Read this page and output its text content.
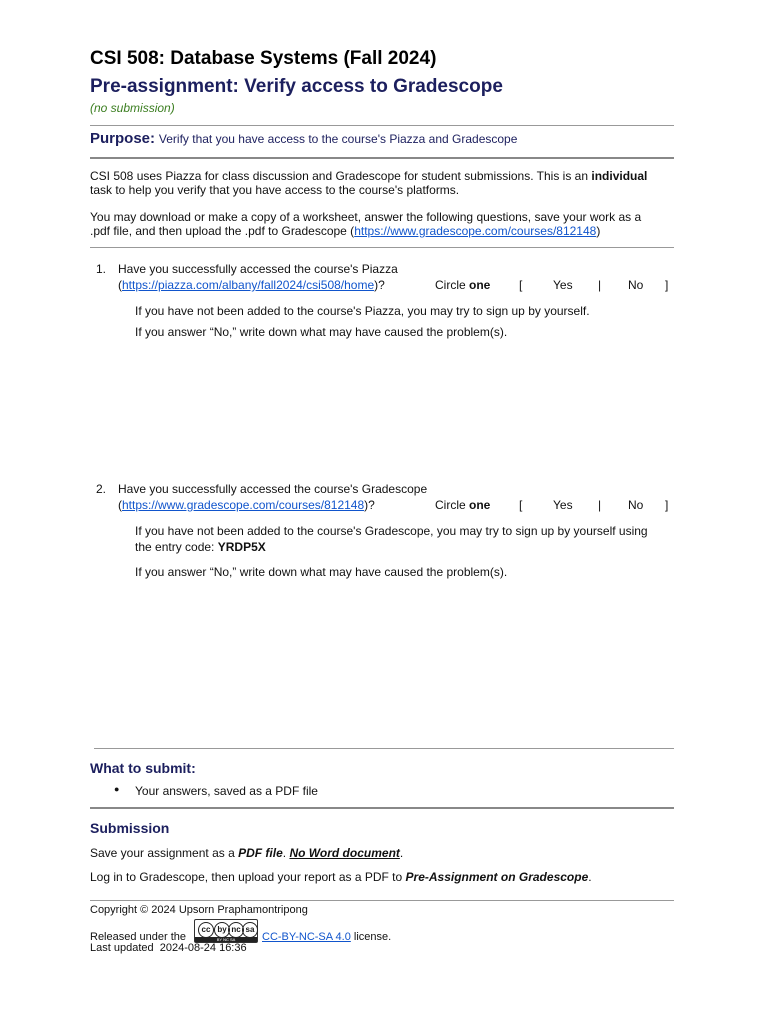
CSI 508: Database Systems (Fall 2024)
Pre-assignment: Verify access to Gradescope
(no submission)
Purpose: Verify that you have access to the course's Piazza and Gradescope
CSI 508 uses Piazza for class discussion and Gradescope for student submissions. This is an individual
task to help you verify that you have access to the course's platforms.
You may download or make a copy of a worksheet, answer the following questions, save your work as a
.pdf file, and then upload the .pdf to Gradescope (https://www.gradescope.com/courses/812148)
1. Have you successfully accessed the course's Piazza
(https://piazza.com/albany/fall2024/csi508/home)?	Circle one [	Yes | No ]
If you have not been added to the course's Piazza, you may try to sign up by yourself.
If you answer “No,” write down what may have caused the problem(s).
2. Have you successfully accessed the course's Gradescope
(https://www.gradescope.com/courses/812148)?	Circle one [	Yes | No ]
If you have not been added to the course's Gradescope, you may try to sign up by yourself using
the entry code: YRDP5X
If you answer “No,” write down what may have caused the problem(s).
What to submit:
● Your answers, saved as a PDF file
Submission
Save your assignment as a PDF file. No Word document.
Log in to Gradescope, then upload your report as a PDF to Pre-Assignment on Gradescope.
Copyright © 2024 Upsorn Praphamontripong
Released under the
cc by nc sa
BY NC SA	CC-BY-NC-SA 4.0 license.
Last updated 2024-08-24 16:36
